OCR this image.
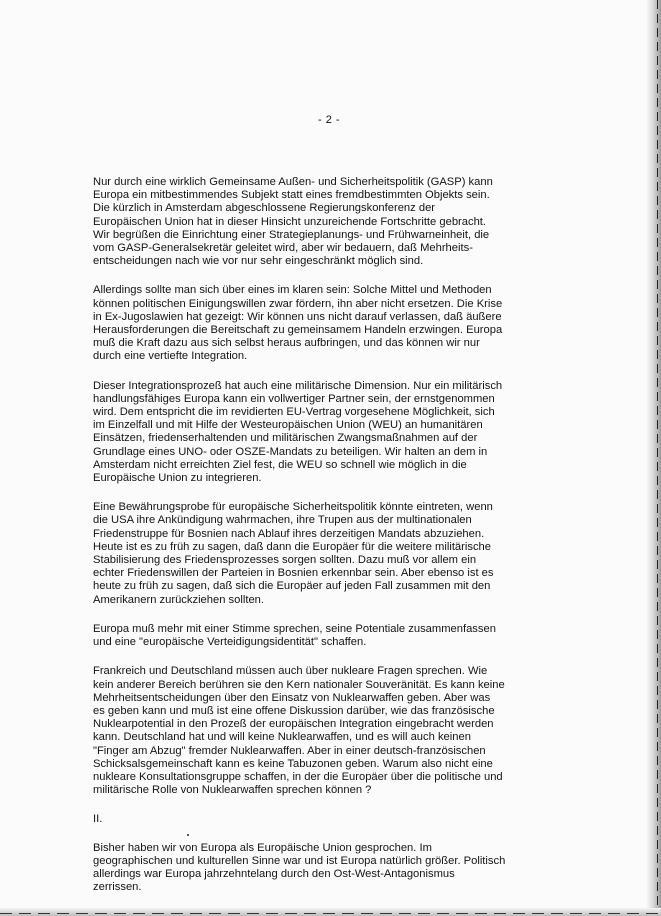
- 2 -

Nur durch eine wirklich Gemeinsame Außen- und Sicherheitspolitik (GASP) kann
Europa ein mitbestimmendes Subjekt statt eines fremdbestimmten Objekts sein.
Die kürzlich in Amsterdam abgeschlossene Regierungskonferenz der
Europäischen Union hat in dieser Hinsicht unzureichende Fortschritte gebracht.
Wir begrüßen die Einrichtung einer Strategieplanungs- und Frühwarneinheit, die
vom GASP-Generalsekretär geleitet wird, aber wir bedauern, daß Mehrheits-
entscheidungen nach wie vor nur sehr eingeschränkt möglich sind.

Allerdings sollte man sich über eines im klaren sein: Solche Mittel und Methoden
können politischen Einigungswillen zwar fördern, ihn aber nicht ersetzen. Die Krise
in Ex-Jugoslawien hat gezeigt: Wir können uns nicht darauf verlassen, daß äußere
Herausforderungen die Bereitschaft zu gemeinsamem Handeln erzwingen. Europa
muß die Kraft dazu aus sich selbst heraus aufbringen, und das können wir nur
durch eine vertiefte Integration.

Dieser Integrationsprozeß hat auch eine militärische Dimension. Nur ein militärisch
handlungsfähiges Europa kann ein vollwertiger Partner sein, der ernstgenommen
wird. Dem entspricht die im revidierten EU-Vertrag vorgesehene Möglichkeit, sich
im Einzelfall und mit Hilfe der Westeuropäischen Union (WEU) an humanitären
Einsätzen, friedenserhaltenden und militärischen Zwangsmaßnahmen auf der
Grundlage eines UNO- oder OSZE-Mandats zu beteiligen. Wir halten an dem in
Amsterdam nicht erreichten Ziel fest, die WEU so schnell wie möglich in die
Europäische Union zu integrieren.

Eine Bewährungsprobe für europäische Sicherheitspolitik könnte eintreten, wenn
die USA ihre Ankündigung wahrmachen, ihre Trupen aus der multinationalen
Friedenstruppe für Bosnien nach Ablauf ihres derzeitigen Mandats abzuziehen.
Heute ist es zu früh zu sagen, daß dann die Europäer für die weitere militärische
Stabilisierung des Friedensprozesses sorgen sollten. Dazu muß vor allem ein
echter Friedenswillen der Parteien in Bosnien erkennbar sein. Aber ebenso ist es
heute zu früh zu sagen, daß sich die Europäer auf jeden Fall zusammen mit den
Amerikanern zurückziehen sollten.

Europa muß mehr mit einer Stimme sprechen, seine Potentiale zusammenfassen
und eine "europäische Verteidigungsidentität" schaffen.

Frankreich und Deutschland müssen auch über nukleare Fragen sprechen. Wie
kein anderer Bereich berühren sie den Kern nationaler Souveränität. Es kann keine
Mehrheitsentscheidungen über den Einsatz von Nuklearwaffen geben. Aber was
es geben kann und muß ist eine offene Diskussion darüber, wie das französische
Nuklearpotential in den Prozeß der europäischen Integration eingebracht werden
kann. Deutschland hat und will keine Nuklearwaffen, und es will auch keinen
"Finger am Abzug" fremder Nuklearwaffen. Aber in einer deutsch-französischen
Schicksalsgemeinschaft kann es keine Tabuzonen geben. Warum also nicht eine
nukleare Konsultationsgruppe schaffen, in der die Europäer über die politische und
militärische Rolle von Nuklearwaffen sprechen können ?

II.

Bisher haben wir von Europa als Europäische Union gesprochen. Im
geographischen und kulturellen Sinne war und ist Europa natürlich größer. Politisch
allerdings war Europa jahrzehntelang durch den Ost-West-Antagonismus
zerrissen.
